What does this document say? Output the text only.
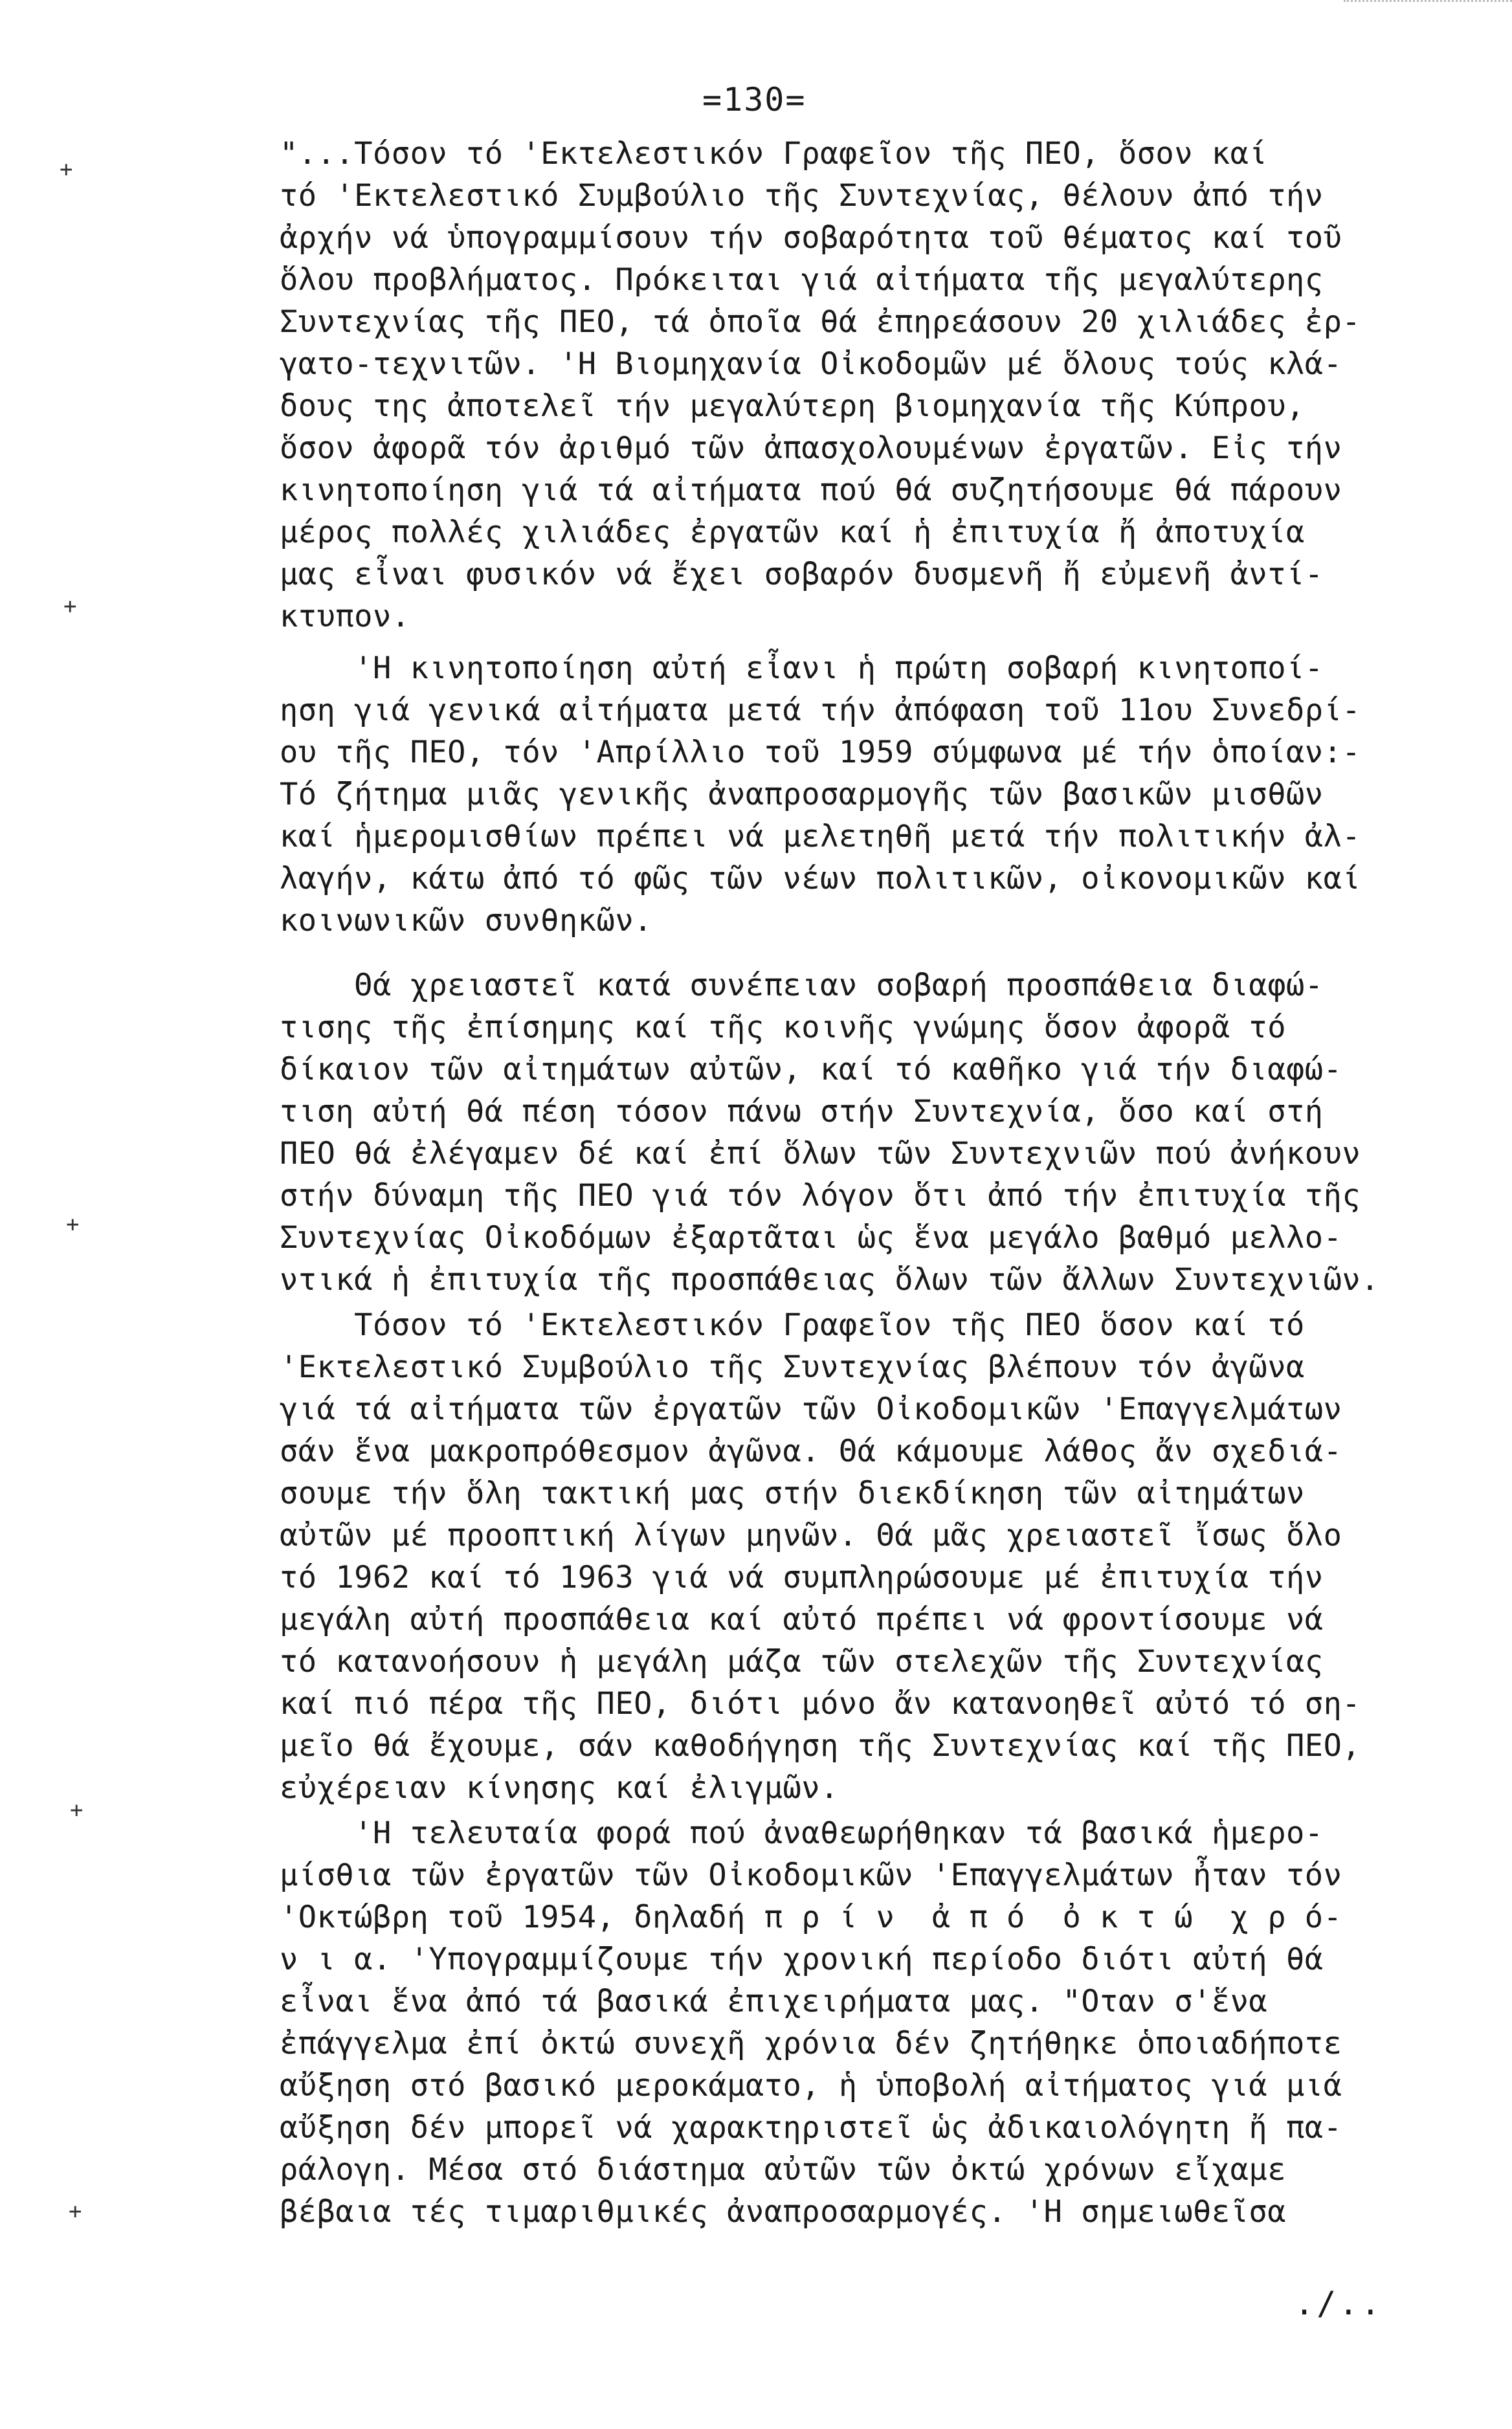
=130=
+
+
+
+
+

"...Τόσον τό 'Εκτελεστικόν Γραφεῖον τῆς ΠΕΟ, ὅσον καί
τό 'Εκτελεστικό Συμβούλιο τῆς Συντεχνίας, θέλουν ἀπό τήν
ἀρχήν νά ὑπογραμμίσουν τήν σοβαρότητα τοῦ θέματος καί τοῦ
ὅλου προβλήματος. Πρόκειται γιά αἰτήματα τῆς μεγαλύτερης
Συντεχνίας τῆς ΠΕΟ, τά ὁποῖα θά ἐπηρεάσουν 20 χιλιάδες ἐρ-
γατο-τεχνιτῶν. 'Η Βιομηχανία Οἰκοδομῶν μέ ὅλους τούς κλά-
δους της ἀποτελεῖ τήν μεγαλύτερη βιομηχανία τῆς Κύπρου,
ὅσον ἀφορᾶ τόν ἀριθμό τῶν ἀπασχολουμένων ἐργατῶν. Εἰς τήν
κινητοποίηση γιά τά αἰτήματα πού θά συζητήσουμε θά πάρουν
μέρος πολλές χιλιάδες ἐργατῶν καί ἡ ἐπιτυχία ἤ ἀποτυχία
μας εἶναι φυσικόν νά ἔχει σοβαρόν δυσμενῆ ἤ εὐμενῆ ἀντί-
κτυπον.

'Η κινητοποίηση αὐτή εἶανι ἡ πρώτη σοβαρή κινητοποί-
ηση γιά γενικά αἰτήματα μετά τήν ἀπόφαση τοῦ 11ου Συνεδρί-
ου τῆς ΠΕΟ, τόν 'Απρίλλιο τοῦ 1959 σύμφωνα μέ τήν ὁποίαν:-
Τό ζήτημα μιᾶς γενικῆς ἀναπροσαρμογῆς τῶν βασικῶν μισθῶν
καί ἡμερομισθίων πρέπει νά μελετηθῆ μετά τήν πολιτικήν ἀλ-
λαγήν, κάτω ἀπό τό φῶς τῶν νέων πολιτικῶν, οἰκονομικῶν καί
κοινωνικῶν συνθηκῶν.

Θά χρειαστεῖ κατά συνέπειαν σοβαρή προσπάθεια διαφώ-
τισης τῆς ἐπίσημης καί τῆς κοινῆς γνώμης ὅσον ἀφορᾶ τό
δίκαιον τῶν αἰτημάτων αὐτῶν, καί τό καθῆκο γιά τήν διαφώ-
τιση αὐτή θά πέση τόσον πάνω στήν Συντεχνία, ὅσο καί στή
ΠΕΟ θά ἐλέγαμεν δέ καί ἐπί ὅλων τῶν Συντεχνιῶν πού ἀνήκουν
στήν δύναμη τῆς ΠΕΟ γιά τόν λόγον ὅτι ἀπό τήν ἐπιτυχία τῆς
Συντεχνίας Οἰκοδόμων ἐξαρτᾶται ὡς ἕνα μεγάλο βαθμό μελλο-
ντικά ἡ ἐπιτυχία τῆς προσπάθειας ὅλων τῶν ἄλλων Συντεχνιῶν.

Τόσον τό 'Εκτελεστικόν Γραφεῖον τῆς ΠΕΟ ὅσον καί τό
'Εκτελεστικό Συμβούλιο τῆς Συντεχνίας βλέπουν τόν ἀγῶνα
γιά τά αἰτήματα τῶν ἐργατῶν τῶν Οἰκοδομικῶν 'Επαγγελμάτων
σάν ἕνα μακροπρόθεσμον ἀγῶνα. Θά κάμουμε λάθος ἄν σχεδιά-
σουμε τήν ὅλη τακτική μας στήν διεκδίκηση τῶν αἰτημάτων
αὐτῶν μέ προοπτική λίγων μηνῶν. Θά μᾶς χρειαστεῖ ἴσως ὅλο
τό 1962 καί τό 1963 γιά νά συμπληρώσουμε μέ ἐπιτυχία τήν
μεγάλη αὐτή προσπάθεια καί αὐτό πρέπει νά φροντίσουμε νά
τό κατανοήσουν ἡ μεγάλη μάζα τῶν στελεχῶν τῆς Συντεχνίας
καί πιό πέρα τῆς ΠΕΟ, διότι μόνο ἄν κατανοηθεῖ αὐτό τό ση-
μεῖο θά ἔχουμε, σάν καθοδήγηση τῆς Συντεχνίας καί τῆς ΠΕΟ,
εὐχέρειαν κίνησης καί ἐλιγμῶν.

'Η τελευταία φορά πού ἀναθεωρήθηκαν τά βασικά ἡμερο-
μίσθια τῶν ἐργατῶν τῶν Οἰκοδομικῶν 'Επαγγελμάτων ἦταν τόν
'Οκτώβρη τοῦ 1954, δηλαδή π ρ ί ν  ἀ π ό  ὀ κ τ ώ  χ ρ ό-
ν ι α. 'Υπογραμμίζουμε τήν χρονική περίοδο διότι αὐτή θά
εἶναι ἕνα ἀπό τά βασικά ἐπιχειρήματα μας. "Οταν σ'ἕνα
ἐπάγγελμα ἐπί ὀκτώ συνεχῆ χρόνια δέν ζητήθηκε ὁποιαδήποτε
αὔξηση στό βασικό μεροκάματο, ἡ ὑποβολή αἰτήματος γιά μιά
αὔξηση δέν μπορεῖ νά χαρακτηριστεῖ ὡς ἀδικαιολόγητη ἤ πα-
ράλογη. Μέσα στό διάστημα αὐτῶν τῶν ὀκτώ χρόνων εἴχαμε
βέβαια τές τιμαριθμικές ἀναπροσαρμογές. 'Η σημειωθεῖσα

./..
